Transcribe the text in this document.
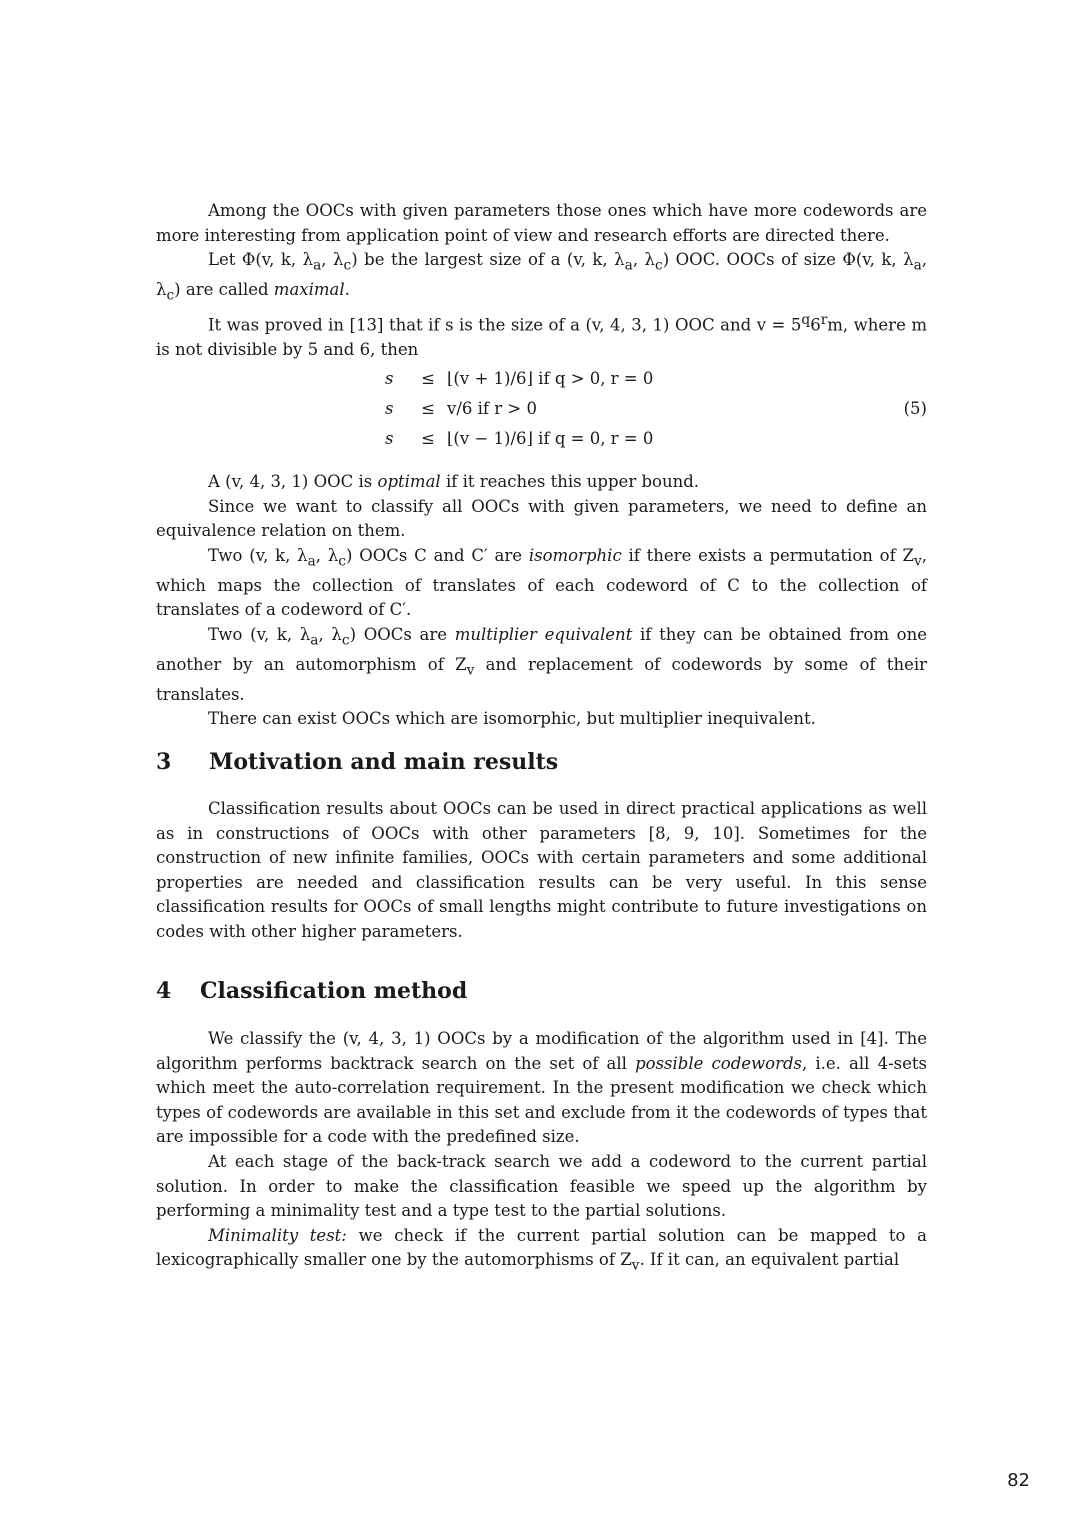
Among the OOCs with given parameters those ones which have more codewords are more interesting from application point of view and research efforts are directed there.

Let Φ(v, k, $\lambda_a$, $\lambda_c$) be the largest size of a (v, k, $\lambda_a$, $\lambda_c$) OOC. OOCs of size Φ(v, k, $\lambda_a$, $\lambda_c$) are called maximal.

It was proved in [13] that if s is the size of a (v, 4, 3, 1) OOC and $v = 5^q6^rm$, where m is not divisible by 5 and 6, then

s	≤ ⌊(v + 1)/6⌋ if q > 0, r = 0
s	≤ v/6 if r > 0
s	≤ ⌊(v − 1)/6⌋ if q = 0, r = 0
(5)

A (v, 4, 3, 1) OOC is optimal if it reaches this upper bound.

Since we want to classify all OOCs with given parameters, we need to define an equivalence relation on them.

Two (v, k, $\lambda_a$, $\lambda_c$) OOCs C and C′ are isomorphic if there exists a permutation of $Z_v$, which maps the collection of translates of each codeword of C to the collection of translates of a codeword of C′.

Two (v, k, $\lambda_a$, $\lambda_c$) OOCs are multiplier equivalent if they can be obtained from one another by an automorphism of $Z_v$ and replacement of codewords by some of their translates.

There can exist OOCs which are isomorphic, but multiplier inequivalent.

3 Motivation and main results

Classification results about OOCs can be used in direct practical applications as well as in constructions of OOCs with other parameters [8, 9, 10]. Sometimes for the construction of new infinite families, OOCs with certain parameters and some additional properties are needed and classification results can be very useful. In this sense classification results for OOCs of small lengths might contribute to future investigations on codes with other higher parameters.

4 Classification method

We classify the (v, 4, 3, 1) OOCs by a modification of the algorithm used in [4]. The algorithm performs backtrack search on the set of all possible codewords, i.e. all 4-sets which meet the auto-correlation requirement. In the present modification we check which types of codewords are available in this set and exclude from it the codewords of types that are impossible for a code with the predefined size.

At each stage of the back-track search we add a codeword to the current partial solution. In order to make the classification feasible we speed up the algorithm by performing a minimality test and a type test to the partial solutions.

Minimality test: we check if the current partial solution can be mapped to a lexicographically smaller one by the automorphisms of $Z_v$. If it can, an equivalent partial

82
